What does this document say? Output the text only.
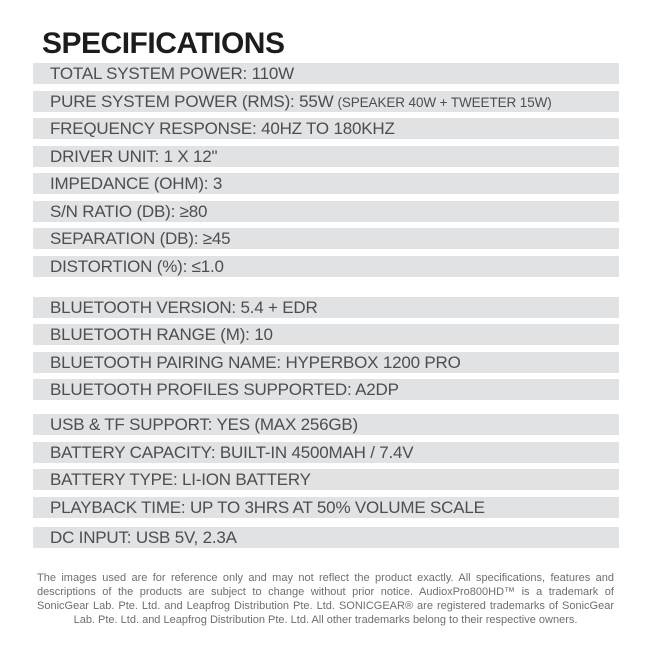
SPECIFICATIONS
TOTAL SYSTEM POWER: 110W
PURE SYSTEM POWER (RMS): 55W (SPEAKER 40W + TWEETER 15W)
FREQUENCY RESPONSE: 40HZ TO 180KHZ
DRIVER UNIT: 1 X 12"
IMPEDANCE (OHM): 3
S/N RATIO (DB): ≥80
SEPARATION (DB): ≥45
DISTORTION (%): ≤1.0
BLUETOOTH VERSION: 5.4 + EDR
BLUETOOTH RANGE (M): 10
BLUETOOTH PAIRING NAME: HYPERBOX 1200 PRO
BLUETOOTH PROFILES SUPPORTED: A2DP
USB & TF SUPPORT: YES (MAX 256GB)
BATTERY CAPACITY: BUILT-IN 4500MAH / 7.4V
BATTERY TYPE: LI-ION BATTERY
PLAYBACK TIME: UP TO 3HRS AT 50% VOLUME SCALE
DC INPUT: USB 5V, 2.3A

The images used are for reference only and may not reflect the product exactly. All specifications, features and descriptions of the products are subject to change without prior notice. AudioxPro800HD™ is a trademark of SonicGear Lab. Pte. Ltd. and Leapfrog Distribution Pte. Ltd. SONICGEAR® are registered trademarks of SonicGear Lab. Pte. Ltd. and Leapfrog Distribution Pte. Ltd. All other trademarks belong to their respective owners.
